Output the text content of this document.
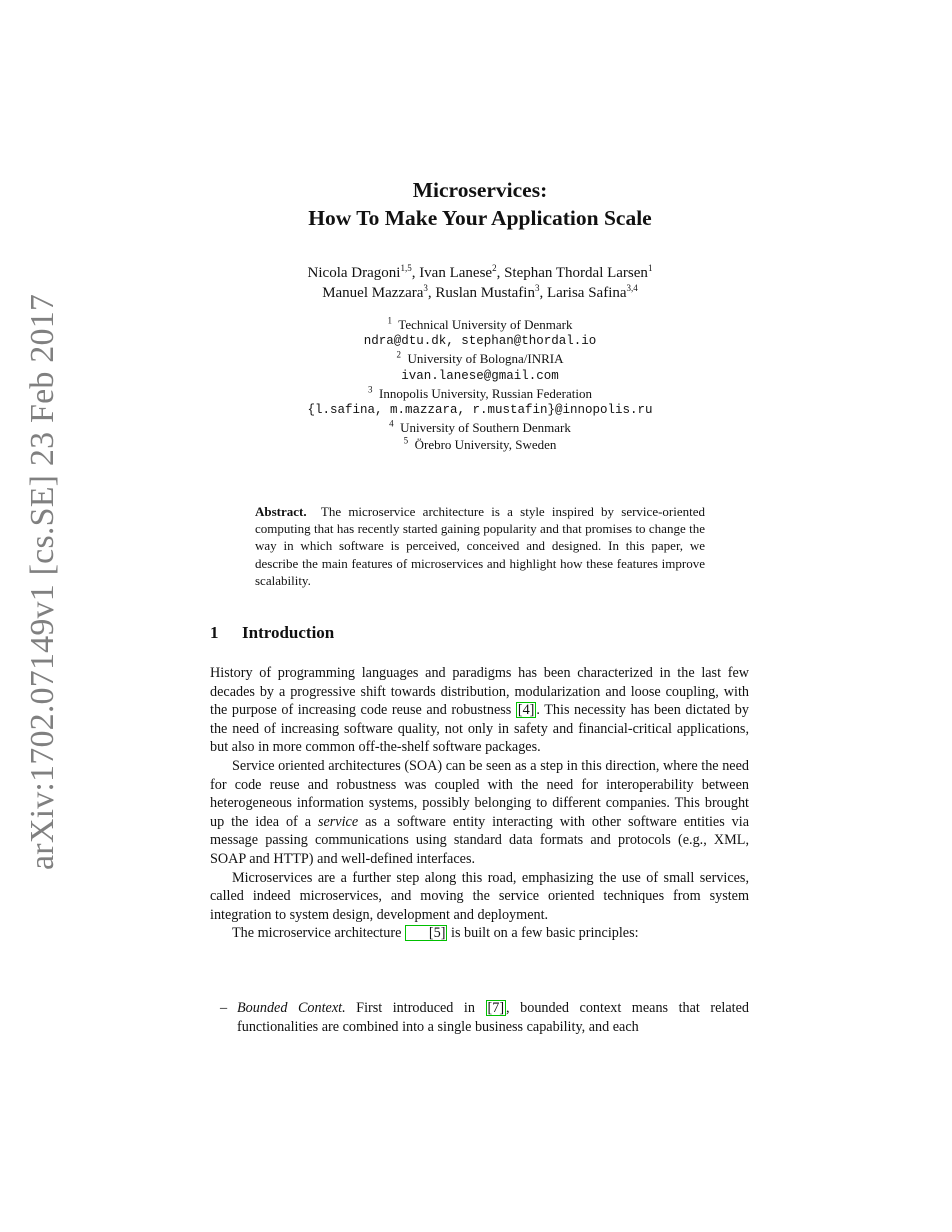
arXiv:1702.07149v1 [cs.SE] 23 Feb 2017
Microservices:
How To Make Your Application Scale
Nicola Dragoni$^{1,5}$, Ivan Lanese$^2$, Stephan Thordal Larsen$^1$
Manuel Mazzara$^3$, Ruslan Mustafin$^3$, Larisa Safina$^{3,4}$
$^1$ Technical University of Denmark
ndra@dtu.dk, stephan@thordal.io
$^2$ University of Bologna/INRIA
ivan.lanese@gmail.com
$^3$ Innopolis University, Russian Federation
{l.safina, m.mazzara, r.mustafin}@innopolis.ru
$^4$ University of Southern Denmark
$^5$ Örebro University, Sweden
Abstract. The microservice architecture is a style inspired by service-oriented computing that has recently started gaining popularity and that promises to change the way in which software is perceived, conceived and designed. In this paper, we describe the main features of microservices and highlight how these features improve scalability.
1 Introduction

History of programming languages and paradigms has been characterized in the last few decades by a progressive shift towards distribution, modularization and loose coupling, with the purpose of increasing code reuse and robustness [4] . This necessity has been dictated by the need of increasing software quality, not only in safety and financial-critical applications, but also in more common off-the-shelf software packages.

Service oriented architectures (SOA) can be seen as a step in this direction, where the need for code reuse and robustness was coupled with the need for interoperability between heterogeneous information systems, possibly belonging to different companies. This brought up the idea of a service as a software entity interacting with other software entities via message passing communications using standard data formats and protocols (e.g., XML, SOAP and HTTP) and well-defined interfaces.

Microservices are a further step along this road, emphasizing the use of small services, called indeed microservices, and moving the service oriented techniques from system integration to system design, development and deployment.

The microservice architecture [5] is built on a few basic principles:

– Bounded Context. First introduced in [7] , bounded context means that related functionalities are combined into a single business capability, and each
